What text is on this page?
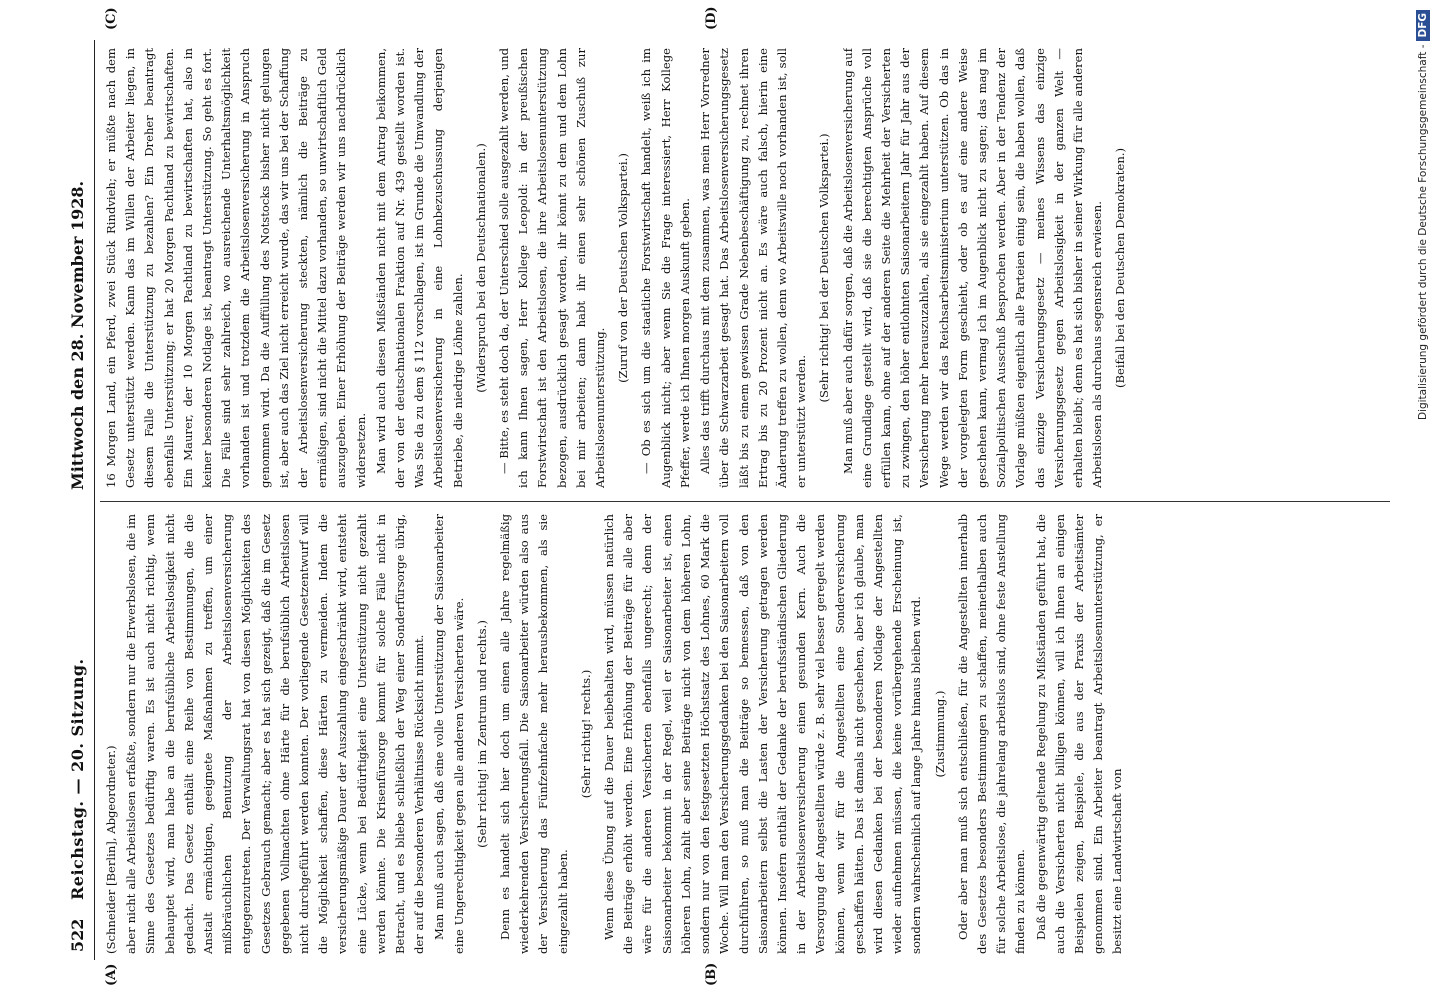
522
Reichstag. — 20. Sitzung.
Mittwoch den 28. November 1928.
(A)	(B)
(C)	(D)

(Schneider [Berlin], Abgeordneter.) aber nicht alle Arbeitslosen erfaßte, sondern nur die Erwerbslosen, die im Sinne des Gesetzes bedürftig waren. Es ist auch nicht richtig, wenn behauptet wird, man habe an die berufsübliche Arbeitslosigkeit nicht gedacht. Das Gesetz enthält eine Reihe von Bestimmungen, die die Anstalt ermächtigen, geeignete Maßnahmen zu treffen, um einer mißbräuchlichen Benutzung der Arbeitslosenversicherung entgegenzutreten. Der Verwaltungsrat hat von diesen Möglichkeiten des Gesetzes Gebrauch gemacht; aber es hat sich gezeigt, daß die im Gesetz gegebenen Vollmachten ohne Härte für die berufsüblich Arbeitslosen nicht durchgeführt werden konnten. Der vorliegende Gesetzentwurf will die Möglichkeit schaffen, diese Härten zu vermeiden. Indem die versicherungsmäßige Dauer der Auszahlung eingeschränkt wird, entsteht eine Lücke, wenn bei Bedürftigkeit eine Unterstützung nicht gezahlt werden könnte. Die Krisenfürsorge kommt für solche Fälle nicht in Betracht, und es bliebe schließlich der Weg einer Sonderfürsorge übrig, der auf die besonderen Verhältnisse Rücksicht nimmt. Man muß auch sagen, daß eine volle Unterstützung der Saisonarbeiter eine Ungerechtigkeit gegen alle anderen Versicherten wäre. (Sehr richtig! im Zentrum und rechts.) Denn es handelt sich hier doch um einen alle Jahre regelmäßig wiederkehrenden Versicherungsfall. Die Saisonarbeiter würden also aus der Versicherung das Fünfzehnfache mehr herausbekommen, als sie eingezahlt haben.

(Sehr richtig! rechts.) Wenn diese Übung auf die Dauer beibehalten wird, müssen natürlich die Beiträge erhöht werden. Eine Erhöhung der Beiträge für alle aber wäre für die anderen Versicherten ebenfalls ungerecht; denn der Saisonarbeiter bekommt in der Regel, weil er Saisonarbeiter ist, einen höheren Lohn, zahlt aber seine Beiträge nicht von dem höheren Lohn, sondern nur von den festgesetzten Höchstsatz des Lohnes, 60 Mark die Woche. Will man den Versicherungsgedanken bei den Saisonarbeitern voll durchführen, so muß man die Beiträge so bemessen, daß von den Saisonarbeitern selbst die Lasten der Versicherung getragen werden können. Insofern enthält der Gedanke der berufsständischen Gliederung in der Arbeitslosenversicherung einen gesunden Kern. Auch die Versorgung der Angestellten würde z. B. sehr viel besser geregelt werden können, wenn wir für die Angestellten eine Sonderversicherung geschaffen hätten. Das ist damals nicht geschehen, aber ich glaube, man wird diesen Gedanken bei der besonderen Notlage der Angestellten wieder aufnehmen müssen, die keine vorübergehende Erscheinung ist, sondern wahrscheinlich auf lange Jahre hinaus bleiben wird. (Zustimmung.) Oder aber man muß sich entschließen, für die Angestellten innerhalb des Gesetzes besonders Bestimmungen zu schaffen, meinethalben auch für solche Arbeitslose, die jahrelang arbeitslos sind, ohne feste Anstellung finden zu können. Daß die gegenwärtig geltende Regelung zu Mißständen geführt hat, die auch die Versicherten nicht billigen können, will ich Ihnen an einigen Beispielen zeigen, Beispiele, die aus der Praxis der Arbeitsämter genommen sind. Ein Arbeiter beantragt Arbeitslosenunterstützung, er besitzt eine Landwirtschaft von

16 Morgen Land, ein Pferd, zwei Stück Rindvieh; er müßte nach dem Gesetz unterstützt werden. Kann das im Willen der Arbeiter liegen, in diesem Falle die Unterstützung zu bezahlen? Ein Dreher beantragt ebenfalls Unterstützung; er hat 20 Morgen Pachtland zu bewirtschaften. Ein Maurer, der 10 Morgen Pachtland zu bewirtschaften hat, also in keiner besonderen Notlage ist, beantragt Unterstützung. So geht es fort. Die Fälle sind sehr zahlreich, wo ausreichende Unterhaltsmöglichkeit vorhanden ist und trotzdem die Arbeitslosenversicherung in Anspruch genommen wird. Da die Auffüllung des Notstocks bisher nicht gelungen ist, aber auch das Ziel nicht erreicht wurde, das wir uns bei der Schaffung der Arbeitslosenversicherung steckten, nämlich die Beiträge zu ermäßigen, sind nicht die Mittel dazu vorhanden, so unwirtschaftlich Geld auszugeben. Einer Erhöhung der Beiträge werden wir uns nachdrücklich widersetzen. Man wird auch diesen Mißständen nicht mit dem Antrag beikommen, der von der deutschnationalen Fraktion auf Nr. 439 gestellt worden ist. Was Sie da zu dem § 112 vorschlagen, ist im Grunde die Umwandlung der Arbeitslosenversicherung in eine Lohnbezuschussung derjenigen Betriebe, die niedrige Löhne zahlen. (Widerspruch bei den Deutschnationalen.) — Bitte, es steht doch da, der Unterschied solle ausgezahlt werden, und ich kann Ihnen sagen, Herr Kollege Leopold: in der preußischen Forstwirtschaft ist den Arbeitslosen, die ihre Arbeitslosenunterstützung bezogen, ausdrücklich gesagt worden, ihr könnt zu dem und dem Lohn bei mir arbeiten; dann habt ihr einen sehr schönen Zuschuß zur Arbeitslosenunterstützung.

(Zuruf von der Deutschen Volkspartei.) — Ob es sich um die staatliche Forstwirtschaft handelt, weiß ich im Augenblick nicht; aber wenn Sie die Frage interessiert, Herr Kollege Pfeffer, werde ich Ihnen morgen Auskunft geben. Alles das trifft durchaus mit dem zusammen, was mein Herr Vorredner über die Schwarzarbeit gesagt hat. Das Arbeitslosenversicherungsgesetz läßt bis zu einem gewissen Grade Nebenbeschäftigung zu, rechnet ihren Ertrag bis zu 20 Prozent nicht an. Es wäre auch falsch, hierin eine Änderung treffen zu wollen, denn wo Arbeitswille noch vorhanden ist, soll er unterstützt werden.

(Sehr richtig! bei der Deutschen Volkspartei.) Man muß aber auch dafür sorgen, daß die Arbeitslosenversicherung auf eine Grundlage gestellt wird, daß sie die berechtigten Ansprüche voll erfüllen kann, ohne auf der anderen Seite die Mehrheit der Versicherten zu zwingen, den höher entlohnten Saisonarbeitern Jahr für Jahr aus der Versicherung mehr herauszuzahlen, als sie eingezahlt haben. Auf diesem Wege werden wir das Reichsarbeitsministerium unterstützen. Ob das in der vorgelegten Form geschieht, oder ob es auf eine andere Weise geschehen kann, vermag ich im Augenblick nicht zu sagen; das mag im Sozialpolitischen Ausschuß besprochen werden. Aber in der Tendenz der Vorlage müßten eigentlich alle Parteien einig sein, die haben wollen, daß das einzige Versicherungsgesetz — meines Wissens das einzige Versicherungsgesetz gegen Arbeitslosigkeit in der ganzen Welt — erhalten bleibt; denn es hat sich bisher in seiner Wirkung für alle anderen Arbeitslosen als durchaus segensreich erwiesen. (Beifall bei den Deutschen Demokraten.)	Digitalisierung gefördert durch die Deutsche Forschungsgemeinschaft -DFG
